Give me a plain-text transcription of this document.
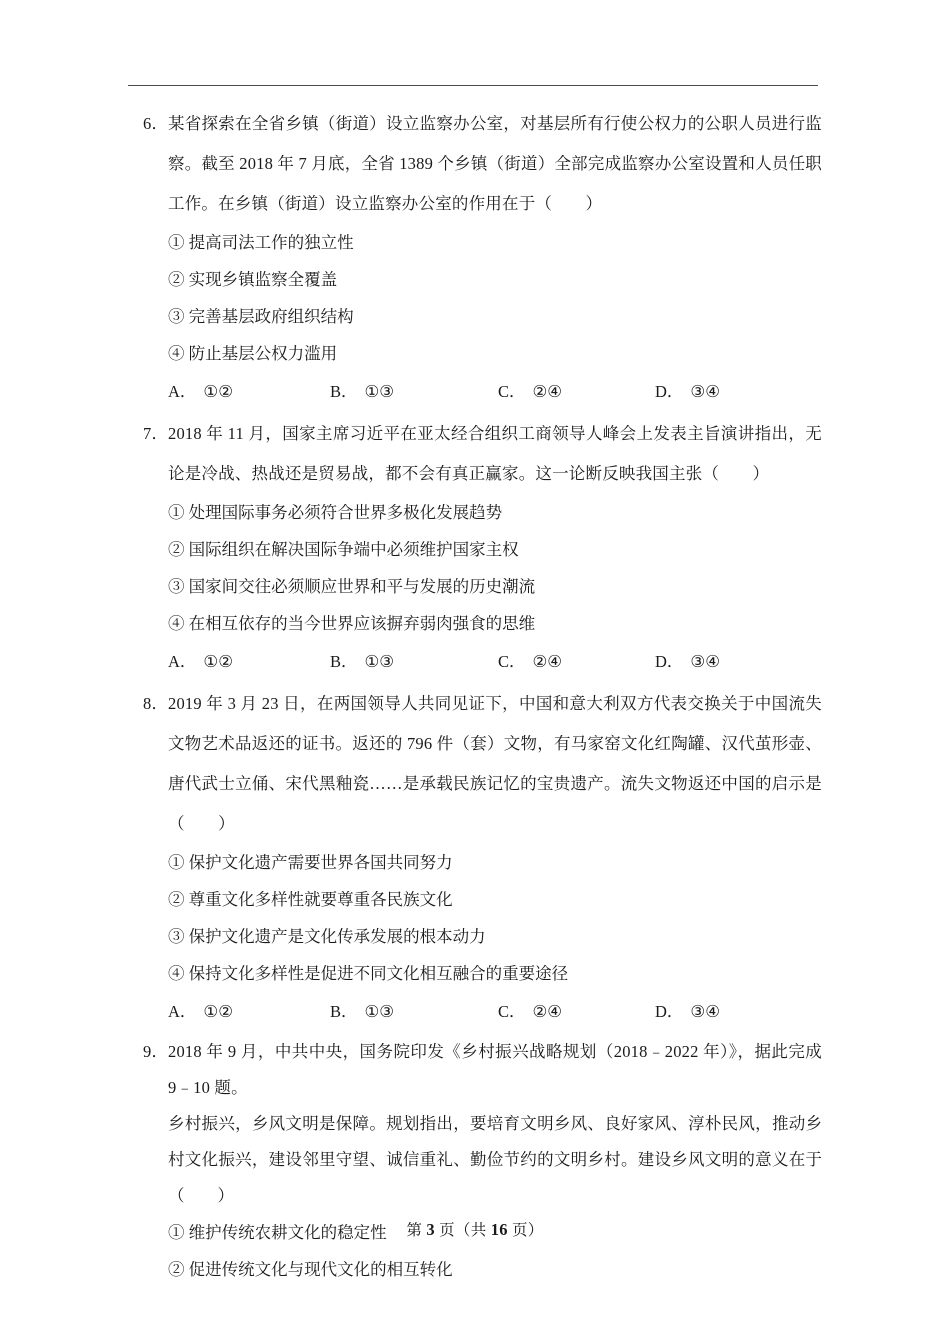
6． 某省探索在全省乡镇（街道）设立监察办公室，对基层所有行使公权力的公职人员进行监察。截至 2018 年 7 月底，全省 1389 个乡镇（街道）全部完成监察办公室设置和人员任职工作。在乡镇（街道）设立监察办公室的作用在于（　　）
① 提高司法工作的独立性
② 实现乡镇监察全覆盖
③ 完善基层政府组织结构
④ 防止基层公权力滥用
A． ①②	B． ①③	C． ②④	D． ③④
7． 2018 年 11 月，国家主席习近平在亚太经合组织工商领导人峰会上发表主旨演讲指出，无论是冷战、热战还是贸易战，都不会有真正赢家。这一论断反映我国主张（　　）
① 处理国际事务必须符合世界多极化发展趋势
② 国际组织在解决国际争端中必须维护国家主权
③ 国家间交往必须顺应世界和平与发展的历史潮流
④ 在相互依存的当今世界应该摒弃弱肉强食的思维
A． ①②	B． ①③	C． ②④	D． ③④
8． 2019 年 3 月 23 日，在两国领导人共同见证下，中国和意大利双方代表交换关于中国流失文物艺术品返还的证书。返还的 796 件（套）文物，有马家窑文化红陶罐、汉代茧形壶、唐代武士立俑、宋代黑釉瓷……是承载民族记忆的宝贵遗产。流失文物返还中国的启示是（　　）
① 保护文化遗产需要世界各国共同努力
② 尊重文化多样性就要尊重各民族文化
③ 保护文化遗产是文化传承发展的根本动力
④ 保持文化多样性是促进不同文化相互融合的重要途径
A． ①②	B． ①③	C． ②④	D． ③④
9． 2018 年 9 月，中共中央，国务院印发《乡村振兴战略规划（2018﹣2022 年）》，据此完成 9﹣10 题。
乡村振兴，乡风文明是保障。规划指出，要培育文明乡风、良好家风、淳朴民风，推动乡村文化振兴，建设邻里守望、诚信重礼、勤俭节约的文明乡村。建设乡风文明的意义在于（　　）
① 维护传统农耕文化的稳定性
② 促进传统文化与现代文化的相互转化
第 3 页（共 16 页）
